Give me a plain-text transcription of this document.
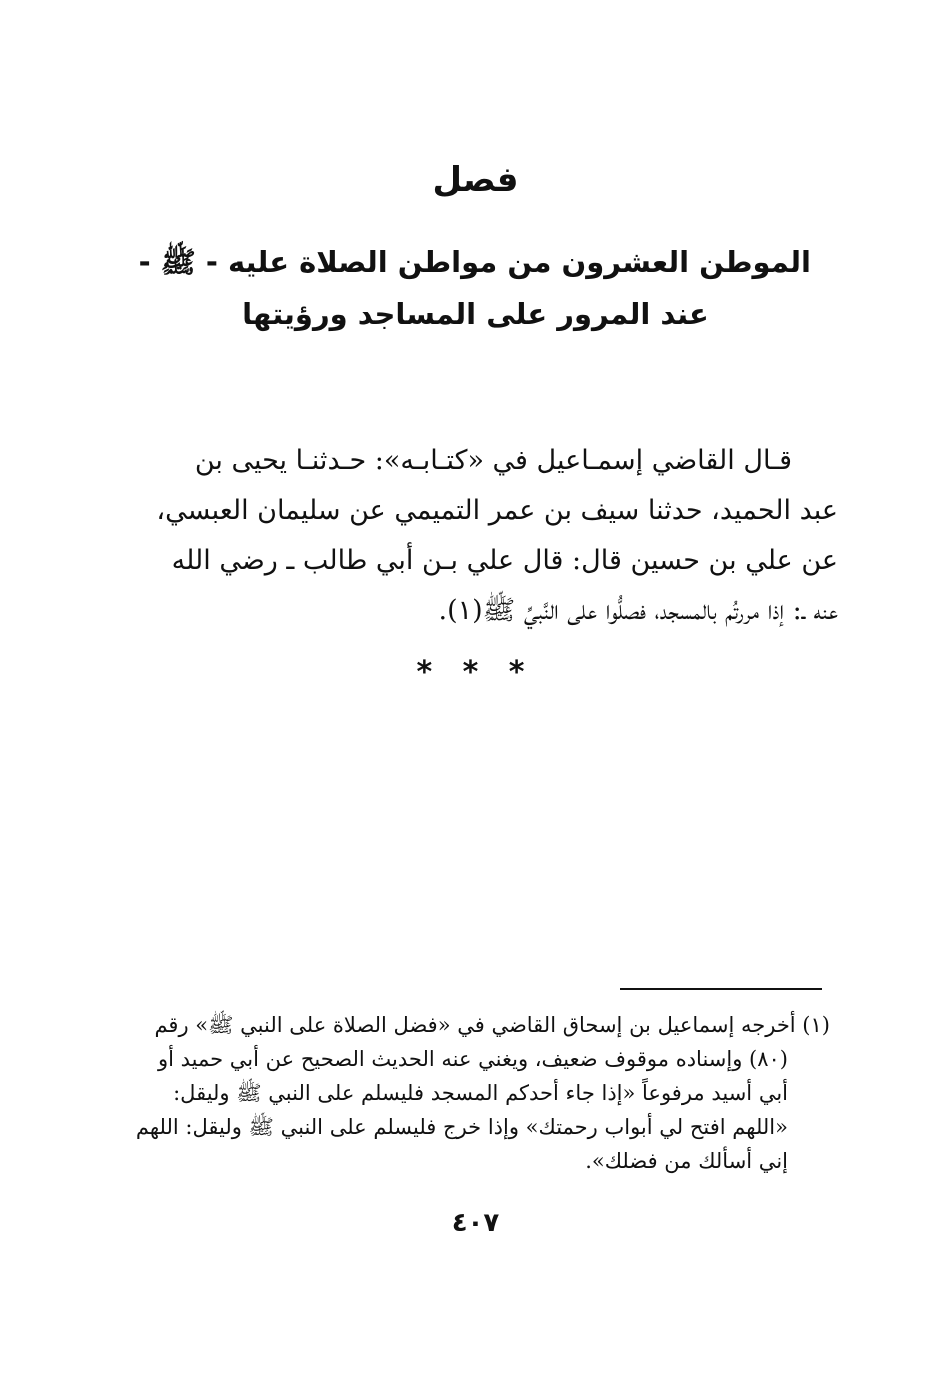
فصل
الموطن العشرون من مواطن الصلاة عليه - ﷺ -
عند المرور على المساجد ورؤيتها
قـال القاضي إسمـاعيل في «كتـابـه»: حـدثنـا يحيى بن
عبد الحميد، حدثنا سيف بن عمر التميمي عن سليمان العبسي،
عن علي بن حسين قال: قال علي بـن أبي طالب ـ رضي الله
عنه ـ: إذا مررتُم بالمسجد، فصلُّوا على النَّبيِّ ﷺ(١).
* * *
(١) أخرجه إسماعيل بن إسحاق القاضي في «فضل الصلاة على النبي ﷺ» رقم
(٨٠) وإسناده موقوف ضعيف، ويغني عنه الحديث الصحيح عن أبي حميد أو
أبي أسيد مرفوعاً «إذا جاء أحدكم المسجد فليسلم على النبي ﷺ وليقل:
«اللهم افتح لي أبواب رحمتك» وإذا خرج فليسلم على النبي ﷺ وليقل: اللهم
إني أسألك من فضلك».
٤٠٧
